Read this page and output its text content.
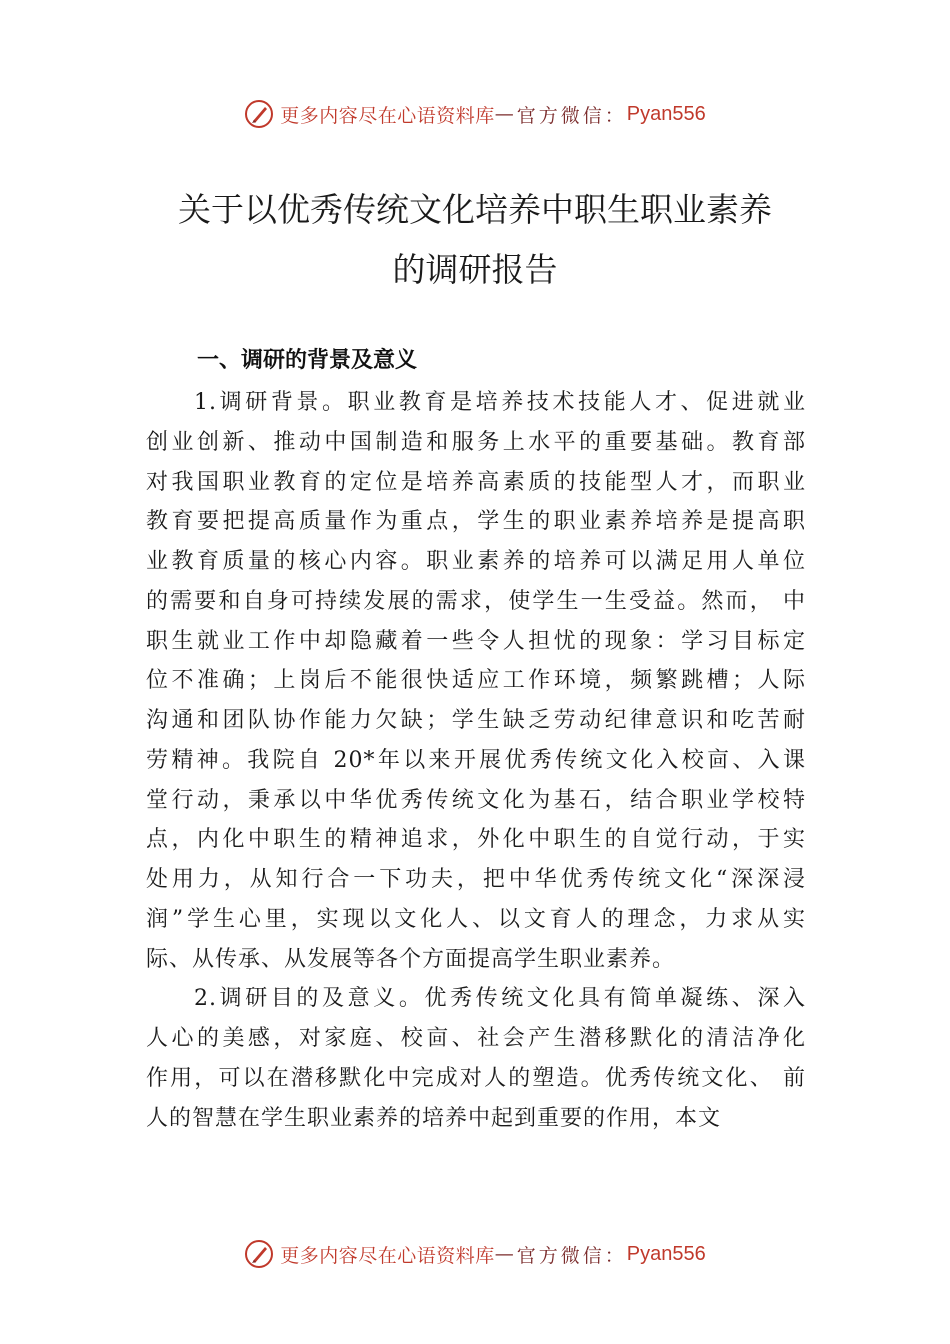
更多内容尽在心语资料库 — 官方微信： Pyan556
关于以优秀传统文化培养中职生职业素养
的调研报告
一、调研的背景及意义
1.调研背景。职业教育是培养技术技能人才、促进就业
创业创新、推动中国制造和服务上水平的重要基础。教育部
对我国职业教育的定位是培养高素质的技能型人才，而职业
教育要把提高质量作为重点，学生的职业素养培养是提高职
业教育质量的核心内容。职业素养的培养可以满足用人单位
的需要和自身可持续发展的需求，使学生一生受益。然而， 中
职生就业工作中却隐藏着一些令人担忧的现象：学习目标定
位不准确；上岗后不能很快适应工作环境，频繁跳槽；人际
沟通和团队协作能力欠缺；学生缺乏劳动纪律意识和吃苦耐
劳精神。我院自 20*年以来开展优秀传统文化入校㐭、入课
堂行动，秉承以中华优秀传统文化为基石，结合职业学校特
点，内化中职生的精神追求，外化中职生的自觉行动，于实
处用力，从知行合一下功夫，把中华优秀传统文化“深深浸
润”学生心里，实现以文化人、以文育人的理念，力求从实
际、从传承、从发展等各个方面提高学生职业素养。
2.调研目的及意义。优秀传统文化具有简单凝练、深入
人心的美感，对家庭、校㐭、社会产生潜移默化的清洁净化
作用，可以在潜移默化中完成对人的塑造。优秀传统文化、 前
人的智慧在学生职业素养的培养中起到重要的作用，本文
更多内容尽在心语资料库 — 官方微信： Pyan556
